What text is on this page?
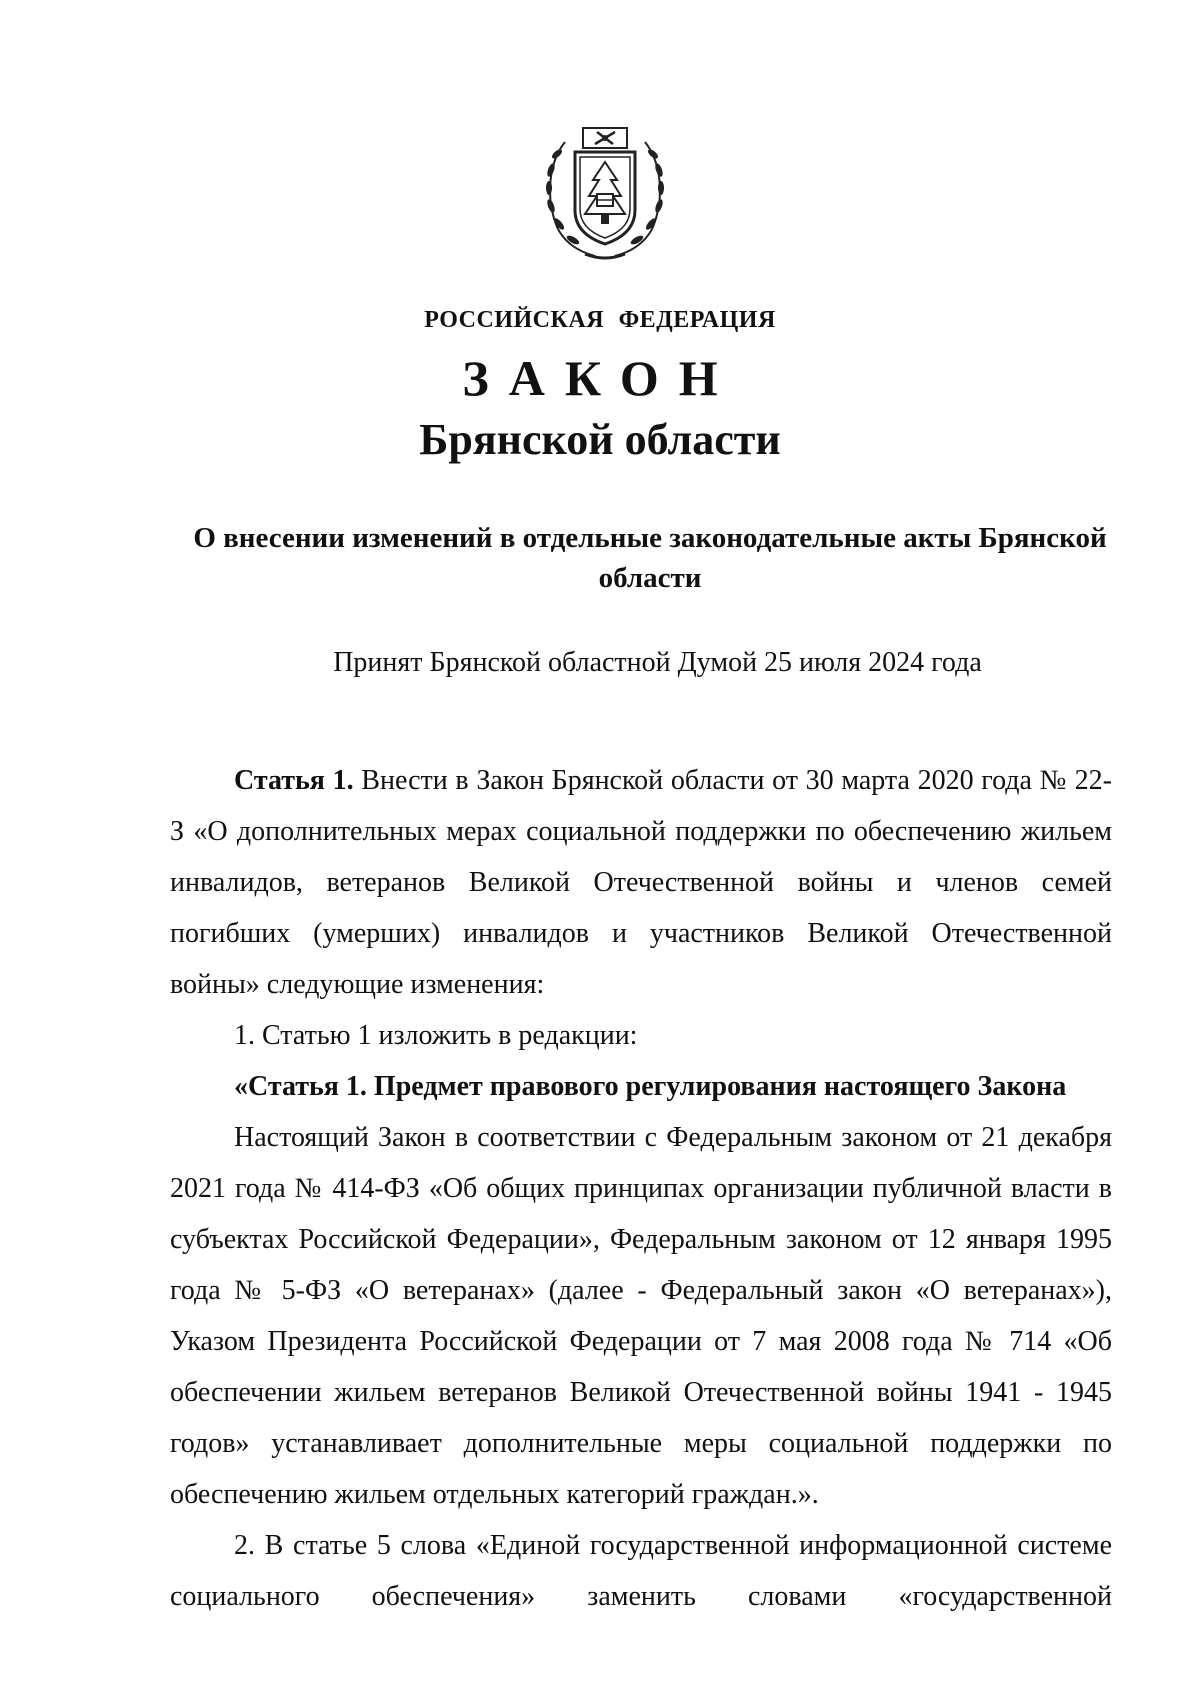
РОССИЙСКАЯ ФЕДЕРАЦИЯ
ЗАКОН
Брянской области
О внесении изменений в отдельные законодательные акты Брянской области
Принят Брянской областной Думой 25 июля 2024 года

Статья 1. Внести в Закон Брянской области от 30 марта 2020 года № 22-З «О дополнительных мерах социальной поддержки по обеспечению жильем инвалидов, ветеранов Великой Отечественной войны и членов семей погибших (умерших) инвалидов и участников Великой Отечественной войны» следующие изменения:

1. Статью 1 изложить в редакции:

«Статья 1. Предмет правового регулирования настоящего Закона

Настоящий Закон в соответствии с Федеральным законом от 21 декабря 2021 года № 414-ФЗ «Об общих принципах организации публичной власти в субъектах Российской Федерации», Федеральным законом от 12 января 1995 года № 5-ФЗ «О ветеранах» (далее - Федеральный закон «О ветеранах»), Указом Президента Российской Федерации от 7 мая 2008 года № 714 «Об обеспечении жильем ветеранов Великой Отечественной войны 1941 - 1945 годов» устанавливает дополнительные меры социальной поддержки по обеспечению жильем отдельных категорий граждан.».

2. В статье 5 слова «Единой государственной информационной системе социального обеспечения» заменить словами «государственной
